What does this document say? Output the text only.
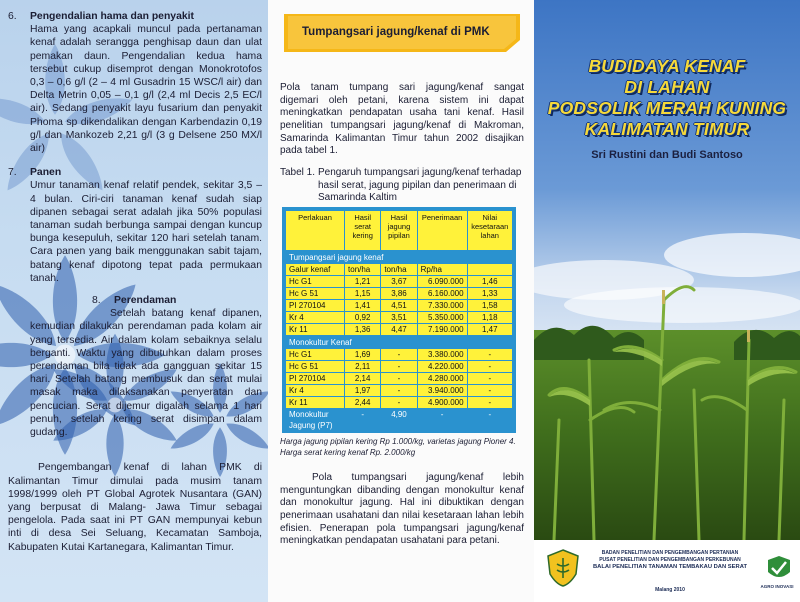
6.	Pengendalian hama dan penyakit
Hama yang acapkali muncul pada pertanaman kenaf adalah serangga penghisap daun dan ulat pemakan daun. Pengendalian kedua hama tersebut cukup disemprot dengan Monokrotofos 0,3 – 0,6 g/l (2 – 4 ml Gusadrin 15 WSC/l air) dan Delta Metrin 0,05 – 0,1 g/l (2,4 ml Decis 2,5 EC/l air). Sedang penyakit layu fusarium dan penyakit Phoma sp dikendalikan dengan Karbendazin 0,19 g/l dan Mankozeb 2,21 g/l (3 g Delsene 250 MX/l air)
7.	Panen
Umur tanaman kenaf relatif pendek, sekitar 3,5 – 4 bulan. Ciri-ciri tanaman kenaf sudah siap dipanen sebagai serat adalah jika 50% populasi tanaman sudah berbunga sampai dengan kuncup bunga kesepuluh, sekitar 120 hari setelah tanam. Cara panen yang baik menggunakan sabit tajam, batang kenaf dipotong tepat pada permukaan tanah.
8.	Perendaman
Setelah batang kenaf dipanen, kemudian dilakukan perendaman pada kolam air yang tersedia. Air dalam kolam sebaiknya selalu berganti. Waktu yang dibutuhkan dalam proses perendaman bila tidak ada gangguan sekitar 15 hari. Setelah batang membusuk dan serat mulai masak maka dilaksanakan penyeratan dan pencucian. Serat dijemur digalah selama 1 hari penuh, setelah kering serat disimpan dalam gudang.
Pengembangan kenaf di lahan PMK di Kalimantan Timur dimulai pada musim tanam 1998/1999 oleh PT Global Agrotek Nusantara (GAN) yang berpusat di Malang- Jawa Timur sebagai pengelola. Pada saat ini PT GAN mempunyai kebun inti di desa Sei Seluang, Kecamatan Samboja, Kabupaten Kutai Kartanegara, Kalimantan Timur.
Tumpangsari jagung/kenaf di PMK
Pola tanam tumpang sari jagung/kenaf sangat digemari oleh petani, karena sistem ini dapat meningkatkan pendapatan usaha tani kenaf. Hasil penelitian tumpangsari jagung/kenaf di Makroman, Samarinda Kalimantan Timur tahun 2002 disajikan pada tabel 1.
Tabel 1. Pengaruh tumpangsari jagung/kenaf terhadap hasil serat, jagung pipilan dan penerimaan di Samarinda Kaltim
Perlakuan	Hasil serat kering	Hasil jagung pipilan	Penerimaan	Nilai kesetaraan lahan
Tumpangsari jagung kenaf				
Galur kenaf	ton/ha	ton/ha	Rp/ha	
Hc G1	1,21	3,67	6.090.000	1,46
Hc G 51	1,15	3,86	6.160.000	1,33
PI 270104	1,41	4,51	7.330.000	1,58
Kr 4	0,92	3,51	5.350.000	1,18
Kr 11	1,36	4,47	7.190.000	1,47
Monokultur Kenaf				
Hc G1	1,69	-	3.380.000	-
Hc G 51	2,11	-	4.220.000	-
PI 270104	2,14	-	4.280.000	-
Kr 4	1,97	-	3.940.000	-
Kr 11	2,44	-	4.900.000	-
Monokultur Jagung (P7)	-	4,90	-	-
Harga jagung pipilan kering Rp 1.000/kg, varietas jagung Pioner 4.
Harga serat kering kenaf Rp. 2.000/kg
Pola tumpangsari jagung/kenaf lebih menguntungkan dibanding dengan monokultur kenaf dan monokultur jagung. Hal ini dibuktikan dengan penerimaan usahatani dan nilai kesetaraan lahan lebih efisien. Penerapan pola tumpangsari jagung/kenaf meningkatkan pendapatan usahatani para petani.
BUDIDAYA KENAF
DI LAHAN
PODSOLIK MERAH KUNING
KALIMATAN TIMUR
Sri Rustini dan Budi Santoso
BADAN PENELITIAN DAN PENGEMBANGAN PERTANIAN
PUSAT PENELITIAN DAN PENGEMBANGAN PERKEBUNAN
BALAI PENELITIAN TANAMAN TEMBAKAU DAN SERAT
Malang 2010
AGRO INOVASI
